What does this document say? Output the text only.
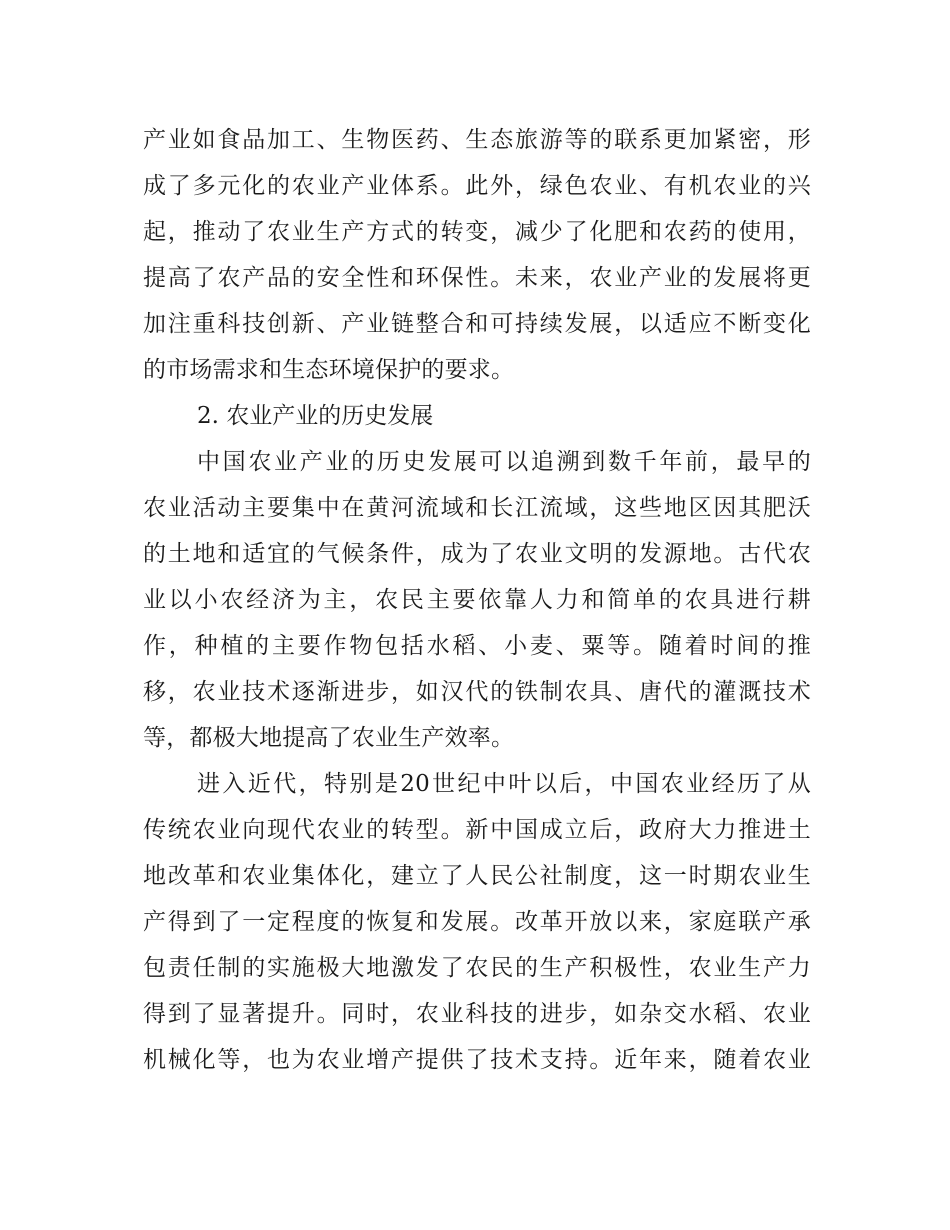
产业如食品加工、生物医药、生态旅游等的联系更加紧密，形
成了多元化的农业产业体系。此外，绿色农业、有机农业的兴
起，推动了农业生产方式的转变，减少了化肥和农药的使用，
提高了农产品的安全性和环保性。未来，农业产业的发展将更
加注重科技创新、产业链整合和可持续发展，以适应不断变化
的市场需求和生态环境保护的要求。
2. 农业产业的历史发展
中国农业产业的历史发展可以追溯到数千年前，最早的
农业活动主要集中在黄河流域和长江流域，这些地区因其肥沃
的土地和适宜的气候条件，成为了农业文明的发源地。古代农
业以小农经济为主，农民主要依靠人力和简单的农具进行耕
作，种植的主要作物包括水稻、小麦、粟等。随着时间的推
移，农业技术逐渐进步，如汉代的铁制农具、唐代的灌溉技术
等，都极大地提高了农业生产效率。
进入近代，特别是20世纪中叶以后，中国农业经历了从
传统农业向现代农业的转型。新中国成立后，政府大力推进土
地改革和农业集体化，建立了人民公社制度，这一时期农业生
产得到了一定程度的恢复和发展。改革开放以来，家庭联产承
包责任制的实施极大地激发了农民的生产积极性，农业生产力
得到了显著提升。同时，农业科技的进步，如杂交水稻、农业
机械化等，也为农业增产提供了技术支持。近年来，随着农业
